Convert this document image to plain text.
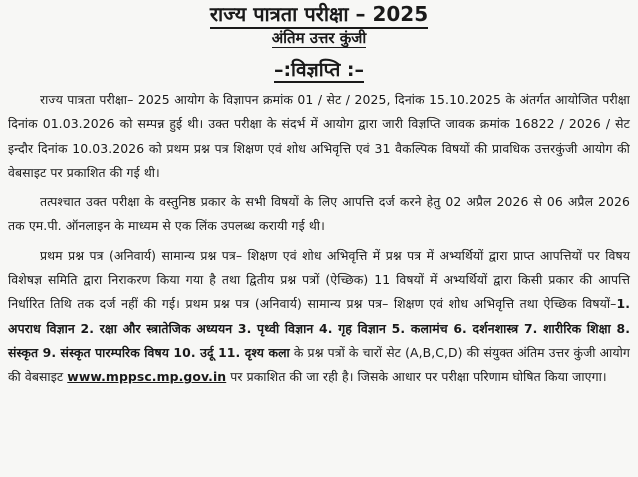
राज्य पात्रता परीक्षा – 2025
अंतिम उत्तर कुंजी
–:विज्ञप्ति :–

राज्य पात्रता परीक्षा– 2025 आयोग के विज्ञापन क्रमांक 01 / सेट / 2025, दिनांक 15.10.2025 के अंतर्गत आयोजित परीक्षा दिनांक 01.03.2026 को सम्पन्न हुई थी। उक्त परीक्षा के संदर्भ में आयोग द्वारा जारी विज्ञप्ति जावक क्रमांक 16822 / 2026 / सेट इन्दौर दिनांक 10.03.2026 को प्रथम प्रश्न पत्र शिक्षण एवं शोध अभिवृत्ति एवं 31 वैकल्पिक विषयों की प्रावधिक उत्तरकुंजी आयोग की वेबसाइट पर प्रकाशित की गई थी।

तत्पश्चात उक्त परीक्षा के वस्तुनिष्ठ प्रकार के सभी विषयों के लिए आपत्ति दर्ज करने हेतु 02 अप्रैल 2026 से 06 अप्रैल 2026 तक एम.पी. ऑनलाइन के माध्यम से एक लिंक उपलब्ध करायी गई थी।

प्रथम प्रश्न पत्र (अनिवार्य) सामान्य प्रश्न पत्र– शिक्षण एवं शोध अभिवृत्ति में प्रश्न पत्र में अभ्यर्थियों द्वारा प्राप्त आपत्तियों पर विषय विशेषज्ञ समिति द्वारा निराकरण किया गया है तथा द्वितीय प्रश्न पत्रों (ऐच्छिक) 11 विषयों में अभ्यर्थियों द्वारा किसी प्रकार की आपत्ति निर्धारित तिथि तक दर्ज नहीं की गई। प्रथम प्रश्न पत्र (अनिवार्य) सामान्य प्रश्न पत्र– शिक्षण एवं शोध अभिवृत्ति तथा ऐच्छिक विषयों–1. अपराध विज्ञान 2. रक्षा और स्त्रातेजिक अध्ययन 3. पृथ्वी विज्ञान 4. गृह विज्ञान 5. कलामंच 6. दर्शनशास्त्र 7. शारीरिक शिक्षा 8. संस्कृत 9. संस्कृत पारम्परिक विषय 10. उर्दू 11. दृश्य कला के प्रश्न पत्रों के चारों सेट (A,B,C,D) की संयुक्त अंतिम उत्तर कुंजी आयोग की वेबसाइट www.mppsc.mp.gov.in पर प्रकाशित की जा रही है। जिसके आधार पर परीक्षा परिणाम घोषित किया जाएगा।
